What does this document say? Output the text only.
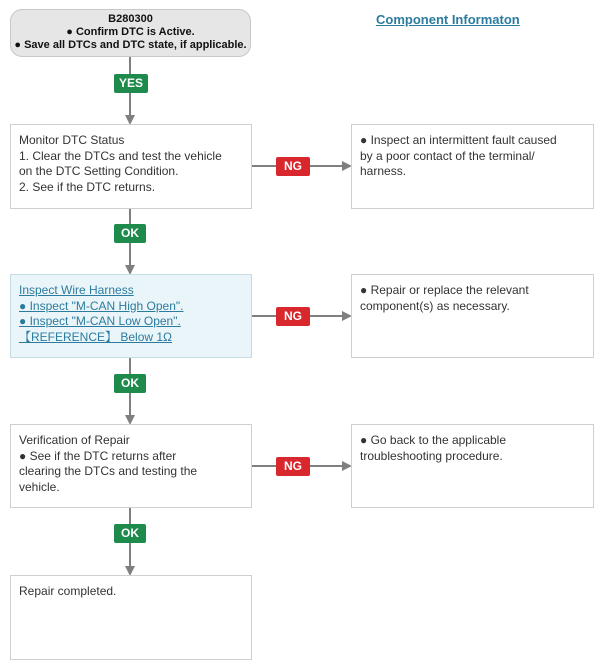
B280300
● Confirm DTC is Active.
● Save all DTCs and DTC state, if applicable.
Component Informaton
YES
OK
OK
OK
NG
NG
NG
Monitor DTC Status
1. Clear the DTCs and test the vehicle
on the DTC Setting Condition.
2. See if the DTC returns.
● Inspect an intermittent fault caused
by a poor contact of the terminal/
harness.
Inspect Wire Harness
● Inspect "M-CAN High Open".
● Inspect "M-CAN Low Open".
【REFERENCE】 Below 1Ω
● Repair or replace the relevant
component(s) as necessary.
Verification of Repair
● See if the DTC returns after
clearing the DTCs and testing the
vehicle.
● Go back to the applicable
troubleshooting procedure.
Repair completed.
